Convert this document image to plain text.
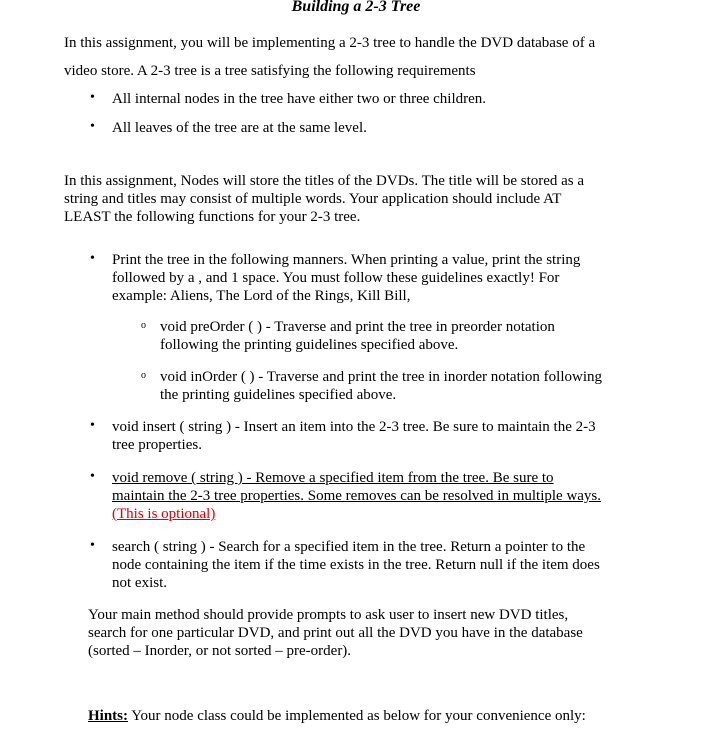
Building a 2-3 Tree
In this assignment, you will be implementing a 2-3 tree to handle the DVD database of a
video store. A 2-3 tree is a tree satisfying the following requirements
• All internal nodes in the tree have either two or three children.
• All leaves of the tree are at the same level.
In this assignment, Nodes will store the titles of the DVDs. The title will be stored as a
string and titles may consist of multiple words. Your application should include AT
LEAST the following functions for your 2-3 tree.
• Print the tree in the following manners. When printing a value, print the string
followed by a , and 1 space. You must follow these guidelines exactly! For
example: Aliens, The Lord of the Rings, Kill Bill,
o void preOrder ( ) - Traverse and print the tree in preorder notation
following the printing guidelines specified above.
o void inOrder ( ) - Traverse and print the tree in inorder notation following
the printing guidelines specified above.
• void insert ( string ) - Insert an item into the 2-3 tree. Be sure to maintain the 2-3
tree properties.
• void remove ( string ) - Remove a specified item from the tree. Be sure to
maintain the 2-3 tree properties. Some removes can be resolved in multiple ways.
(This is optional)
• search ( string ) - Search for a specified item in the tree. Return a pointer to the
node containing the item if the time exists in the tree. Return null if the item does
not exist.
Your main method should provide prompts to ask user to insert new DVD titles,
search for one particular DVD, and print out all the DVD you have in the database
(sorted – Inorder, or not sorted – pre-order).
Hints: Your node class could be implemented as below for your convenience only:
